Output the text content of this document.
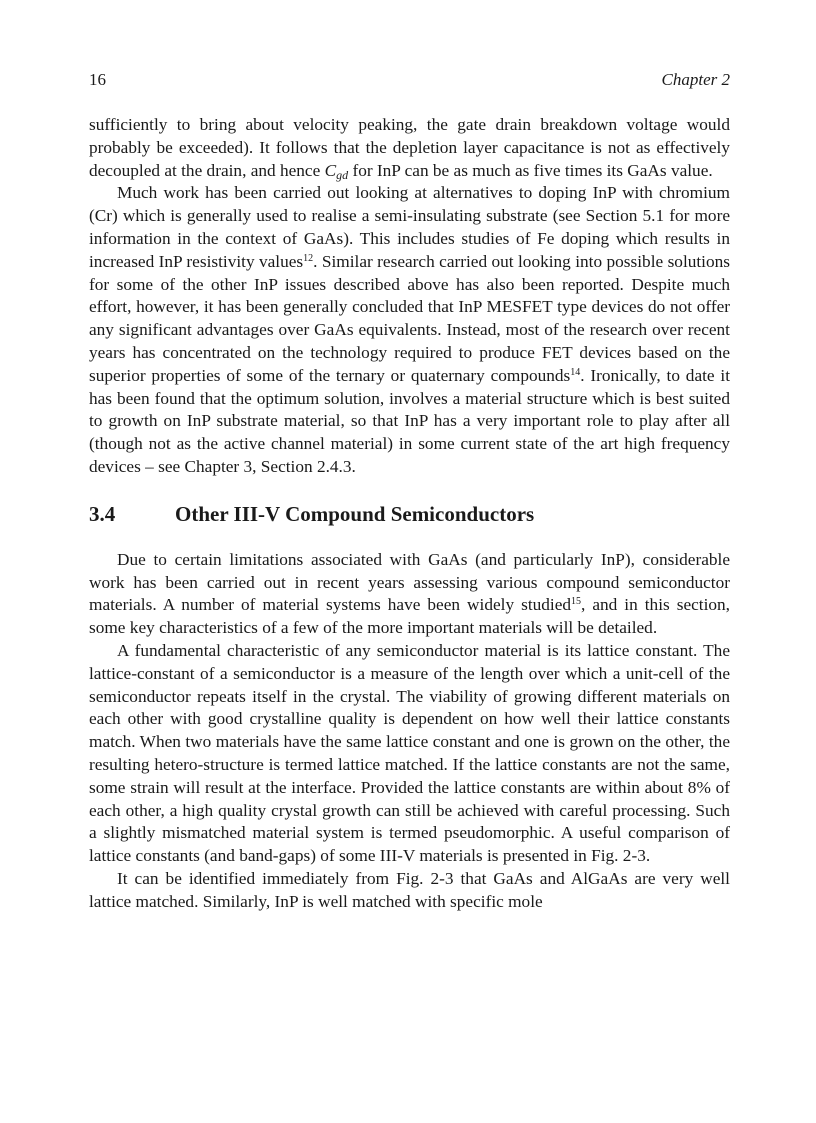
16	Chapter 2

sufficiently to bring about velocity peaking, the gate drain breakdown voltage would probably be exceeded). It follows that the depletion layer capacitance is not as effectively decoupled at the drain, and hence $C_{gd}$ for InP can be as much as five times its GaAs value.

Much work has been carried out looking at alternatives to doping InP with chromium (Cr) which is generally used to realise a semi-insulating substrate (see Section 5.1 for more information in the context of GaAs). This includes studies of Fe doping which results in increased InP resistivity values$^{12}$. Similar research carried out looking into possible solutions for some of the other InP issues described above has also been reported. Despite much effort, however, it has been generally concluded that InP MESFET type devices do not offer any significant advantages over GaAs equivalents. Instead, most of the research over recent years has concentrated on the technology required to produce FET devices based on the superior properties of some of the ternary or quaternary compounds$^{14}$. Ironically, to date it has been found that the optimum solution, involves a material structure which is best suited to growth on InP substrate material, so that InP has a very important role to play after all (though not as the active channel material) in some current state of the art high frequency devices – see Chapter 3, Section 2.4.3.

3.4	Other III-V Compound Semiconductors

Due to certain limitations associated with GaAs (and particularly InP), considerable work has been carried out in recent years assessing various compound semiconductor materials. A number of material systems have been widely studied$^{15}$, and in this section, some key characteristics of a few of the more important materials will be detailed.

A fundamental characteristic of any semiconductor material is its lattice constant. The lattice-constant of a semiconductor is a measure of the length over which a unit-cell of the semiconductor repeats itself in the crystal. The viability of growing different materials on each other with good crystalline quality is dependent on how well their lattice constants match. When two materials have the same lattice constant and one is grown on the other, the resulting hetero-structure is termed lattice matched. If the lattice constants are not the same, some strain will result at the interface. Provided the lattice constants are within about 8% of each other, a high quality crystal growth can still be achieved with careful processing. Such a slightly mismatched material system is termed pseudomorphic. A useful comparison of lattice constants (and band-gaps) of some III-V materials is presented in Fig. 2-3.

It can be identified immediately from Fig. 2-3 that GaAs and AlGaAs are very well lattice matched. Similarly, InP is well matched with specific mole
